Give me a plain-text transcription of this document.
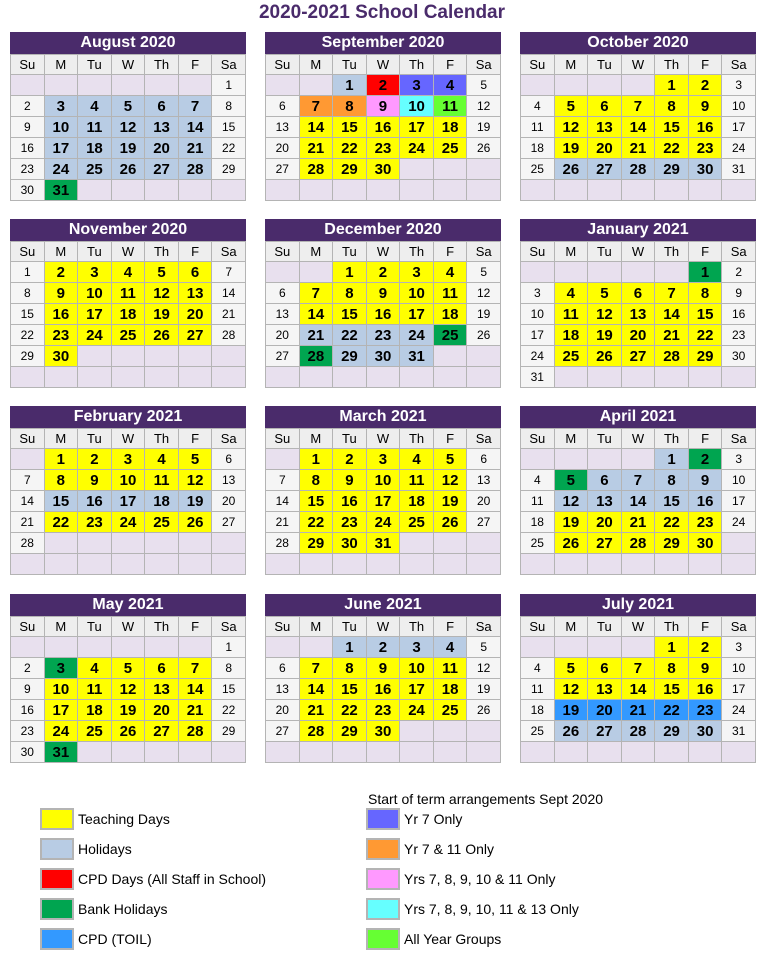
2020-2021 School Calendar
August 2020
Su	M	Tu	W	Th	F	Sa
						1
2	3	4	5	6	7	8
9	10	11	12	13	14	15
16	17	18	19	20	21	22
23	24	25	26	27	28	29
30	31					
September 2020
Su	M	Tu	W	Th	F	Sa
		1	2	3	4	5
6	7	8	9	10	11	12
13	14	15	16	17	18	19
20	21	22	23	24	25	26
27	28	29	30			

October 2020
Su	M	Tu	W	Th	F	Sa
				1	2	3
4	5	6	7	8	9	10
11	12	13	14	15	16	17
18	19	20	21	22	23	24
25	26	27	28	29	30	31

November 2020
Su	M	Tu	W	Th	F	Sa
1	2	3	4	5	6	7
8	9	10	11	12	13	14
15	16	17	18	19	20	21
22	23	24	25	26	27	28
29	30					

December 2020
Su	M	Tu	W	Th	F	Sa
		1	2	3	4	5
6	7	8	9	10	11	12
13	14	15	16	17	18	19
20	21	22	23	24	25	26
27	28	29	30	31		

January 2021
Su	M	Tu	W	Th	F	Sa
					1	2
3	4	5	6	7	8	9
10	11	12	13	14	15	16
17	18	19	20	21	22	23
24	25	26	27	28	29	30
31						
February 2021
Su	M	Tu	W	Th	F	Sa
	1	2	3	4	5	6
7	8	9	10	11	12	13
14	15	16	17	18	19	20
21	22	23	24	25	26	27
28						

March 2021
Su	M	Tu	W	Th	F	Sa
	1	2	3	4	5	6
7	8	9	10	11	12	13
14	15	16	17	18	19	20
21	22	23	24	25	26	27
28	29	30	31			

April 2021
Su	M	Tu	W	Th	F	Sa
				1	2	3
4	5	6	7	8	9	10
11	12	13	14	15	16	17
18	19	20	21	22	23	24
25	26	27	28	29	30	

May 2021
Su	M	Tu	W	Th	F	Sa
						1
2	3	4	5	6	7	8
9	10	11	12	13	14	15
16	17	18	19	20	21	22
23	24	25	26	27	28	29
30	31					
June 2021
Su	M	Tu	W	Th	F	Sa
		1	2	3	4	5
6	7	8	9	10	11	12
13	14	15	16	17	18	19
20	21	22	23	24	25	26
27	28	29	30			

July 2021
Su	M	Tu	W	Th	F	Sa
				1	2	3
4	5	6	7	8	9	10
11	12	13	14	15	16	17
18	19	20	21	22	23	24
25	26	27	28	29	30	31

Start of term arrangements Sept 2020
Teaching Days
Holidays
CPD Days (All Staff in School)
Bank Holidays
CPD (TOIL)
Yr 7 Only
Yr 7 & 11 Only
Yrs 7, 8, 9, 10 & 11 Only
Yrs 7, 8, 9, 10, 11 & 13 Only
All Year Groups
